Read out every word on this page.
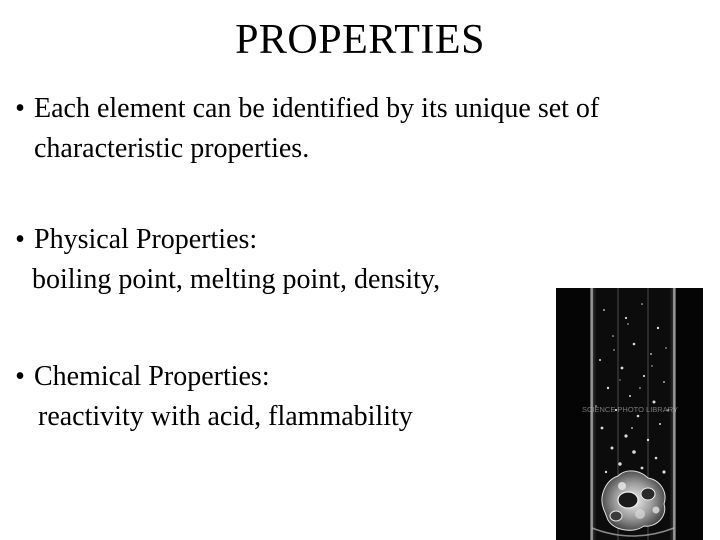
PROPERTIES
• Each element can be identified by its unique set of
characteristic properties.
• Physical Properties:
boiling point, melting point, density,
• Chemical Properties:
reactivity with acid, flammability	SCIENCE PHOTO LIBRARY
